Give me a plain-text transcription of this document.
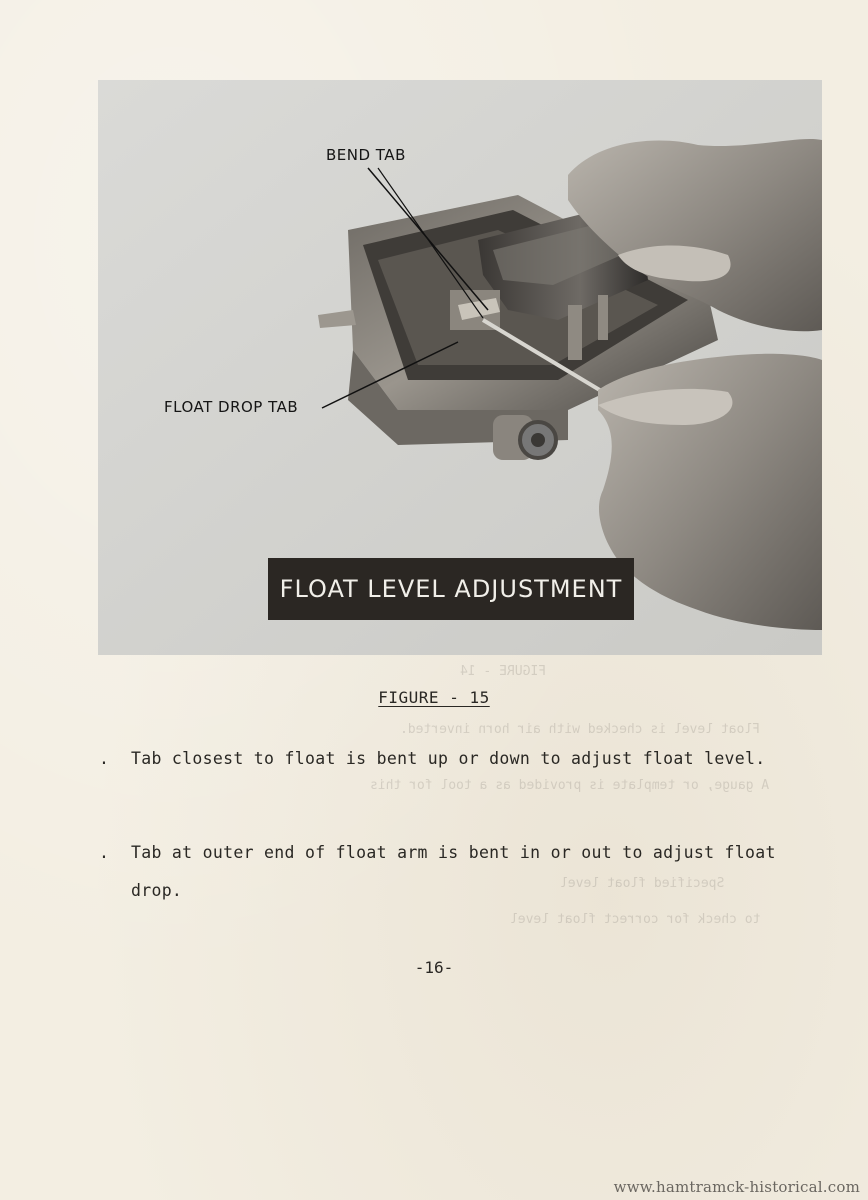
BEND TAB
FLOAT DROP TAB
FLOAT LEVEL ADJUSTMENT
FIGURE - 14
Float level is checked with air horn inverted.
A gauge, or template is provided as a tool for this
Specified float level
to check for correct float level
FIGURE - 15
. Tab closest to float is bent up or down to adjust float level.
. Tab at outer end of float arm is bent in or out to adjust float drop.
-16-
www.hamtramck-historical.com
